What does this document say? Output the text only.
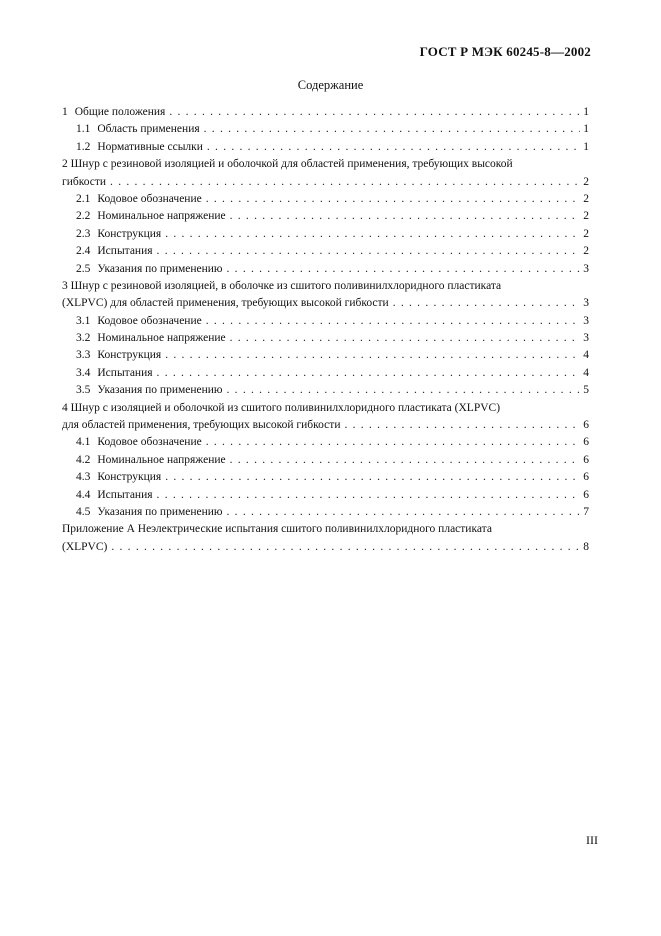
ГОСТ Р МЭК 60245-8—2002
Содержание
1 Общие положения . . .	1
1.1 Область применения . . .	1
1.2 Нормативные ссылки . . .	1
2 Шнур с резиновой изоляцией и оболочкой для областей применения, требующих высокой
гибкости . . .	2
2.1 Кодовое обозначение . . .	2
2.2 Номинальное напряжение . . .	2
2.3 Конструкция . . .	2
2.4 Испытания . . .	2
2.5 Указания по применению . . .	3
3 Шнур с резиновой изоляцией, в оболочке из сшитого поливинилхлоридного пластиката
(XLPVC) для областей применения, требующих высокой гибкости . . .	3
3.1 Кодовое обозначение . . .	3
3.2 Номинальное напряжение . . .	3
3.3 Конструкция . . .	4
3.4 Испытания . . .	4
3.5 Указания по применению . . .	5
4 Шнур с изоляцией и оболочкой из сшитого поливинилхлоридного пластиката (XLPVC)
для областей применения, требующих высокой гибкости . . .	6
4.1 Кодовое обозначение . . .	6
4.2 Номинальное напряжение . . .	6
4.3 Конструкция . . .	6
4.4 Испытания . . .	6
4.5 Указания по применению . . .	7
Приложение А Неэлектрические испытания сшитого поливинилхлоридного пластиката
(XLPVC) . . .	8
III
